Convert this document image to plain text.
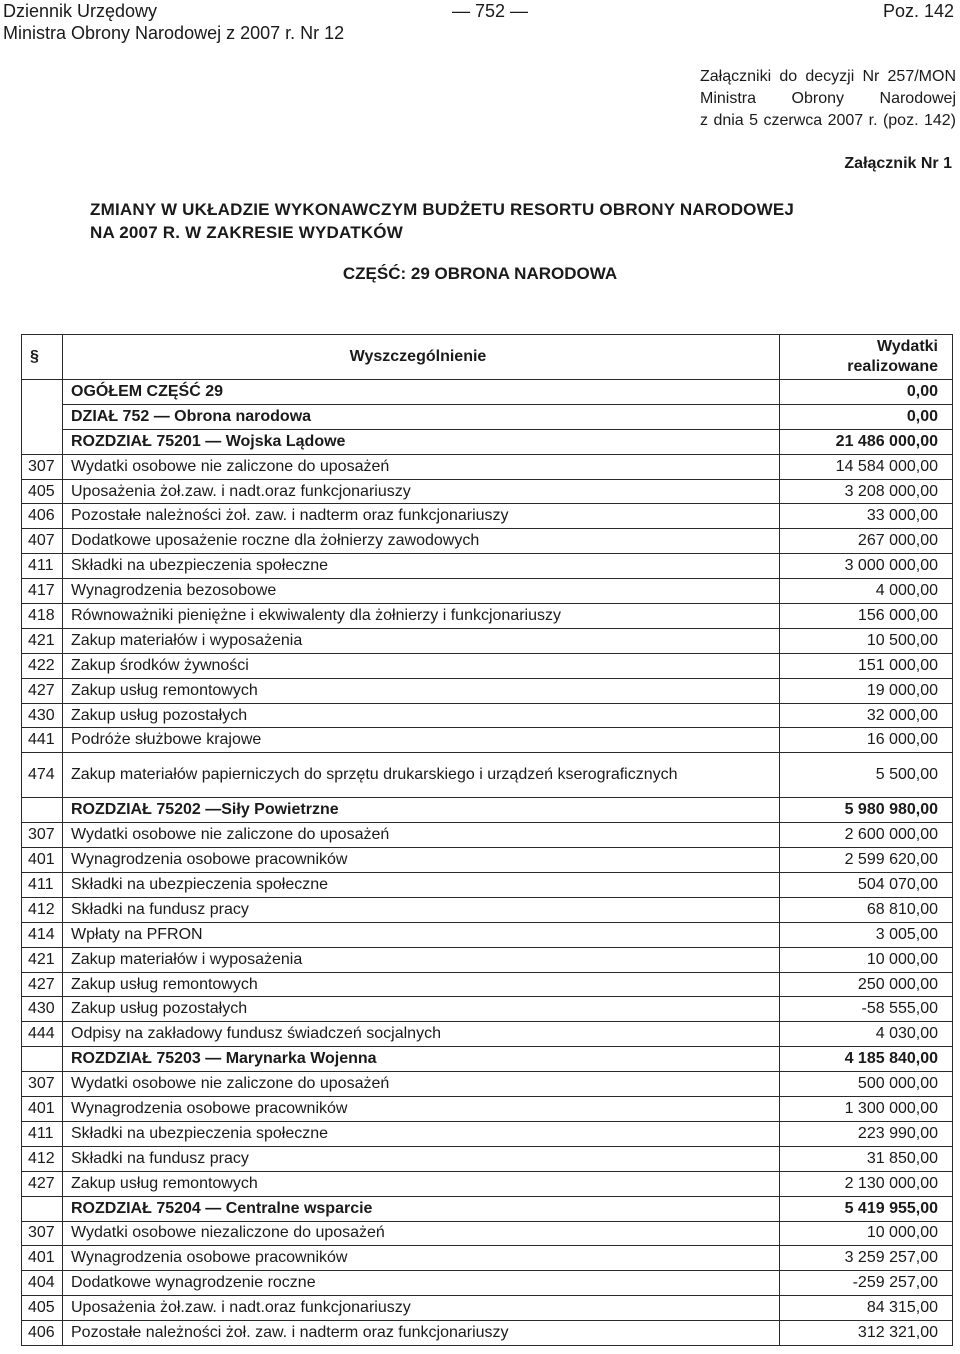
Dziennik Urzędowy
Ministra Obrony Narodowej z 2007 r. Nr 12
— 752 —	Poz. 142
Załączniki do decyzji Nr 257/MON
Ministra Obrony Narodowej
z dnia 5 czerwca 2007 r. (poz. 142)
Załącznik Nr 1
ZMIANY W UKŁADZIE WYKONAWCZYM BUDŻETU RESORTU OBRONY NARODOWEJ
NA 2007 R. W ZAKRESIE WYDATKÓW
CZĘŚĆ: 29 OBRONA NARODOWA
§	Wyszczególnienie	Wydatki
realizowane
	OGÓŁEM CZĘŚĆ 29	0,00
	DZIAŁ 752 — Obrona narodowa	0,00
	ROZDZIAŁ 75201 — Wojska Lądowe	21 486 000,00
307	Wydatki osobowe nie zaliczone do uposażeń	14 584 000,00
405	Uposażenia żoł.zaw. i nadt.oraz funkcjonariuszy	3 208 000,00
406	Pozostałe należności żoł. zaw. i nadterm oraz funkcjonariuszy	33 000,00
407	Dodatkowe uposażenie roczne dla żołnierzy zawodowych	267 000,00
411	Składki na ubezpieczenia społeczne	3 000 000,00
417	Wynagrodzenia bezosobowe	4 000,00
418	Równoważniki pieniężne i ekwiwalenty dla żołnierzy i funkcjonariuszy	156 000,00
421	Zakup materiałów i wyposażenia	10 500,00
422	Zakup środków żywności	151 000,00
427	Zakup usług remontowych	19 000,00
430	Zakup usług pozostałych	32 000,00
441	Podróże służbowe krajowe	16 000,00
474	Zakup materiałów papierniczych do sprzętu drukarskiego i urządzeń kserograficznych	5 500,00
	ROZDZIAŁ 75202 —Siły Powietrzne	5 980 980,00
307	Wydatki osobowe nie zaliczone do uposażeń	2 600 000,00
401	Wynagrodzenia osobowe pracowników	2 599 620,00
411	Składki na ubezpieczenia społeczne	504 070,00
412	Składki na fundusz pracy	68 810,00
414	Wpłaty na PFRON	3 005,00
421	Zakup materiałów i wyposażenia	10 000,00
427	Zakup usług remontowych	250 000,00
430	Zakup usług pozostałych	-58 555,00
444	Odpisy na zakładowy fundusz świadczeń socjalnych	4 030,00
	ROZDZIAŁ 75203 — Marynarka Wojenna	4 185 840,00
307	Wydatki osobowe nie zaliczone do uposażeń	500 000,00
401	Wynagrodzenia osobowe pracowników	1 300 000,00
411	Składki na ubezpieczenia społeczne	223 990,00
412	Składki na fundusz pracy	31 850,00
427	Zakup usług remontowych	2 130 000,00
	ROZDZIAŁ 75204 — Centralne wsparcie	5 419 955,00
307	Wydatki osobowe niezaliczone do uposażeń	10 000,00
401	Wynagrodzenia osobowe pracowników	3 259 257,00
404	Dodatkowe wynagrodzenie roczne	-259 257,00
405	Uposażenia żoł.zaw. i nadt.oraz funkcjonariuszy	84 315,00
406	Pozostałe należności żoł. zaw. i nadterm oraz funkcjonariuszy	312 321,00
